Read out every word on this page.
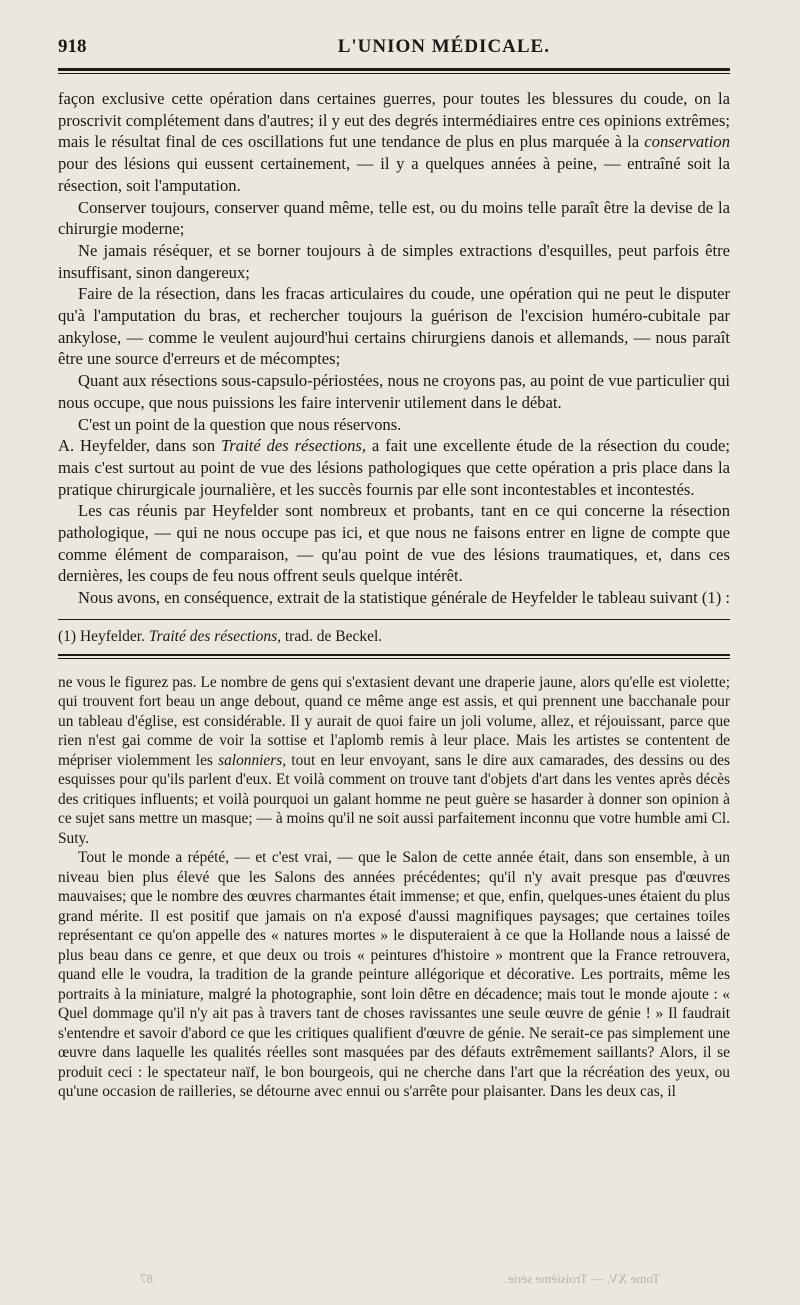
918	L'UNION MÉDICALE.

façon exclusive cette opération dans certaines guerres, pour toutes les blessures du coude, on la proscrivit complétement dans d'autres; il y eut des degrés intermédiaires entre ces opinions extrêmes; mais le résultat final de ces oscillations fut une tendance de plus en plus marquée à la conservation pour des lésions qui eussent certainement, — il y a quelques années à peine, — entraîné soit la résection, soit l'amputation.

Conserver toujours, conserver quand même, telle est, ou du moins telle paraît être la devise de la chirurgie moderne;

Ne jamais réséquer, et se borner toujours à de simples extractions d'esquilles, peut parfois être insuffisant, sinon dangereux;

Faire de la résection, dans les fracas articulaires du coude, une opération qui ne peut le disputer qu'à l'amputation du bras, et rechercher toujours la guérison de l'excision huméro-cubitale par ankylose, — comme le veulent aujourd'hui certains chirurgiens danois et allemands, — nous paraît être une source d'erreurs et de mécomptes;

Quant aux résections sous-capsulo-périostées, nous ne croyons pas, au point de vue particulier qui nous occupe, que nous puissions les faire intervenir utilement dans le débat.

C'est un point de la question que nous réservons.

A. Heyfelder, dans son Traité des résections, a fait une excellente étude de la résection du coude; mais c'est surtout au point de vue des lésions pathologiques que cette opération a pris place dans la pratique chirurgicale journalière, et les succès fournis par elle sont incontestables et incontestés.

Les cas réunis par Heyfelder sont nombreux et probants, tant en ce qui concerne la résection pathologique, — qui ne nous occupe pas ici, et que nous ne faisons entrer en ligne de compte que comme élément de comparaison, — qu'au point de vue des lésions traumatiques, et, dans ces dernières, les coups de feu nous offrent seuls quelque intérêt.

Nous avons, en conséquence, extrait de la statistique générale de Heyfelder le tableau suivant (1) :

(1) Heyfelder. Traité des résections, trad. de Beckel.

ne vous le figurez pas. Le nombre de gens qui s'extasient devant une draperie jaune, alors qu'elle est violette; qui trouvent fort beau un ange debout, quand ce même ange est assis, et qui prennent une bacchanale pour un tableau d'église, est considérable. Il y aurait de quoi faire un joli volume, allez, et réjouissant, parce que rien n'est gai comme de voir la sottise et l'aplomb remis à leur place. Mais les artistes se contentent de mépriser violemment les salonniers, tout en leur envoyant, sans le dire aux camarades, des dessins ou des esquisses pour qu'ils parlent d'eux. Et voilà comment on trouve tant d'objets d'art dans les ventes après décès des critiques influents; et voilà pourquoi un galant homme ne peut guère se hasarder à donner son opinion à ce sujet sans mettre un masque; — à moins qu'il ne soit aussi parfaitement inconnu que votre humble ami Cl. Suty.

Tout le monde a répété, — et c'est vrai, — que le Salon de cette année était, dans son ensemble, à un niveau bien plus élevé que les Salons des années précédentes; qu'il n'y avait presque pas d'œuvres mauvaises; que le nombre des œuvres charmantes était immense; et que, enfin, quelques-unes étaient du plus grand mérite. Il est positif que jamais on n'a exposé d'aussi magnifiques paysages; que certaines toiles représentant ce qu'on appelle des « natures mortes » le disputeraient à ce que la Hollande nous a laissé de plus beau dans ce genre, et que deux ou trois « peintures d'histoire » montrent que la France retrouvera, quand elle le voudra, la tradition de la grande peinture allégorique et décorative. Les portraits, même les portraits à la miniature, malgré la photographie, sont loin dêtre en décadence; mais tout le monde ajoute : « Quel dommage qu'il n'y ait pas à travers tant de choses ravissantes une seule œuvre de génie ! » Il faudrait s'entendre et savoir d'abord ce que les critiques qualifient d'œuvre de génie. Ne serait-ce pas simplement une œuvre dans laquelle les qualités réelles sont masquées par des défauts extrêmement saillants? Alors, il se produit ceci : le spectateur naïf, le bon bourgeois, qui ne cherche dans l'art que la récréation des yeux, ou qu'une occasion de railleries, se détourne avec ennui ou s'arrête pour plaisanter. Dans les deux cas, il

Tome XV. — Troisième série.
87
